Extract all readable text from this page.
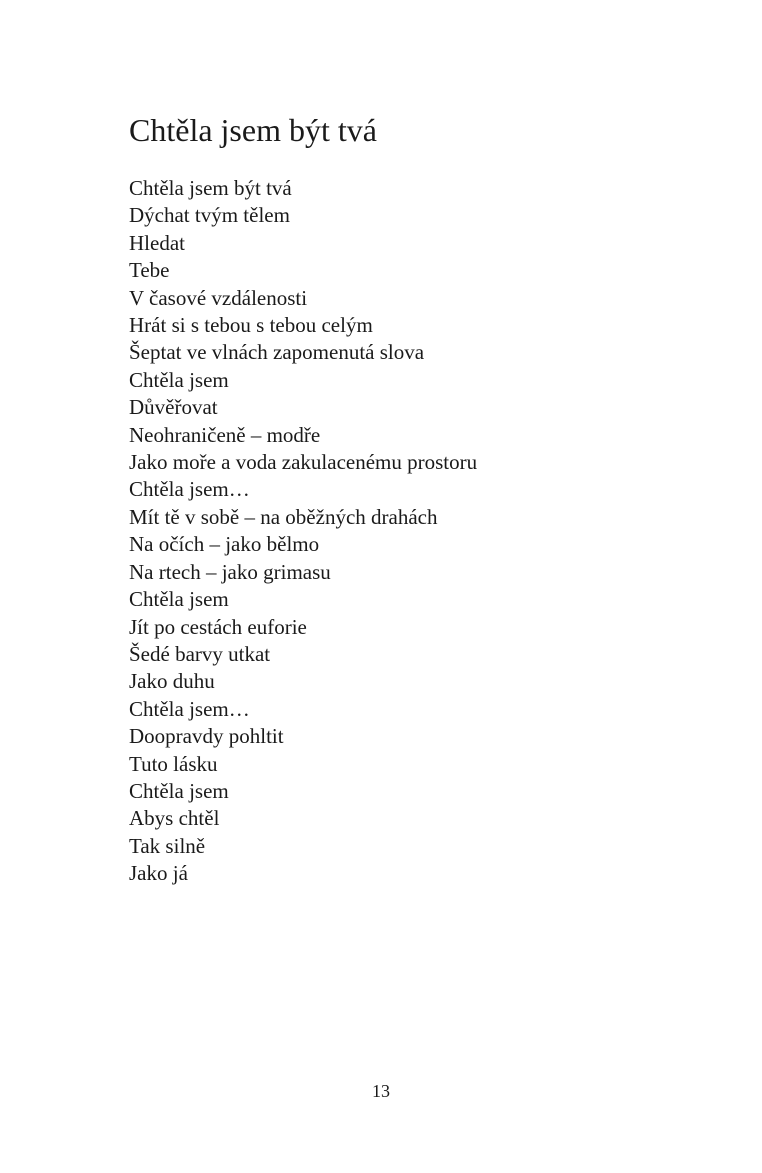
Chtěla jsem být tvá
Chtěla jsem být tvá
Dýchat tvým tělem
Hledat
Tebe
V časové vzdálenosti
Hrát si s tebou s tebou celým
Šeptat ve vlnách zapomenutá slova
Chtěla jsem
Důvěřovat
Neohraničeně – modře
Jako moře a voda zakulacenému prostoru
Chtěla jsem…
Mít tě v sobě – na oběžných drahách
Na očích – jako bělmo
Na rtech – jako grimasu
Chtěla jsem
Jít po cestách euforie
Šedé barvy utkat
Jako duhu
Chtěla jsem…
Doopravdy pohltit
Tuto lásku
Chtěla jsem
Abys chtěl
Tak silně
Jako já
13
